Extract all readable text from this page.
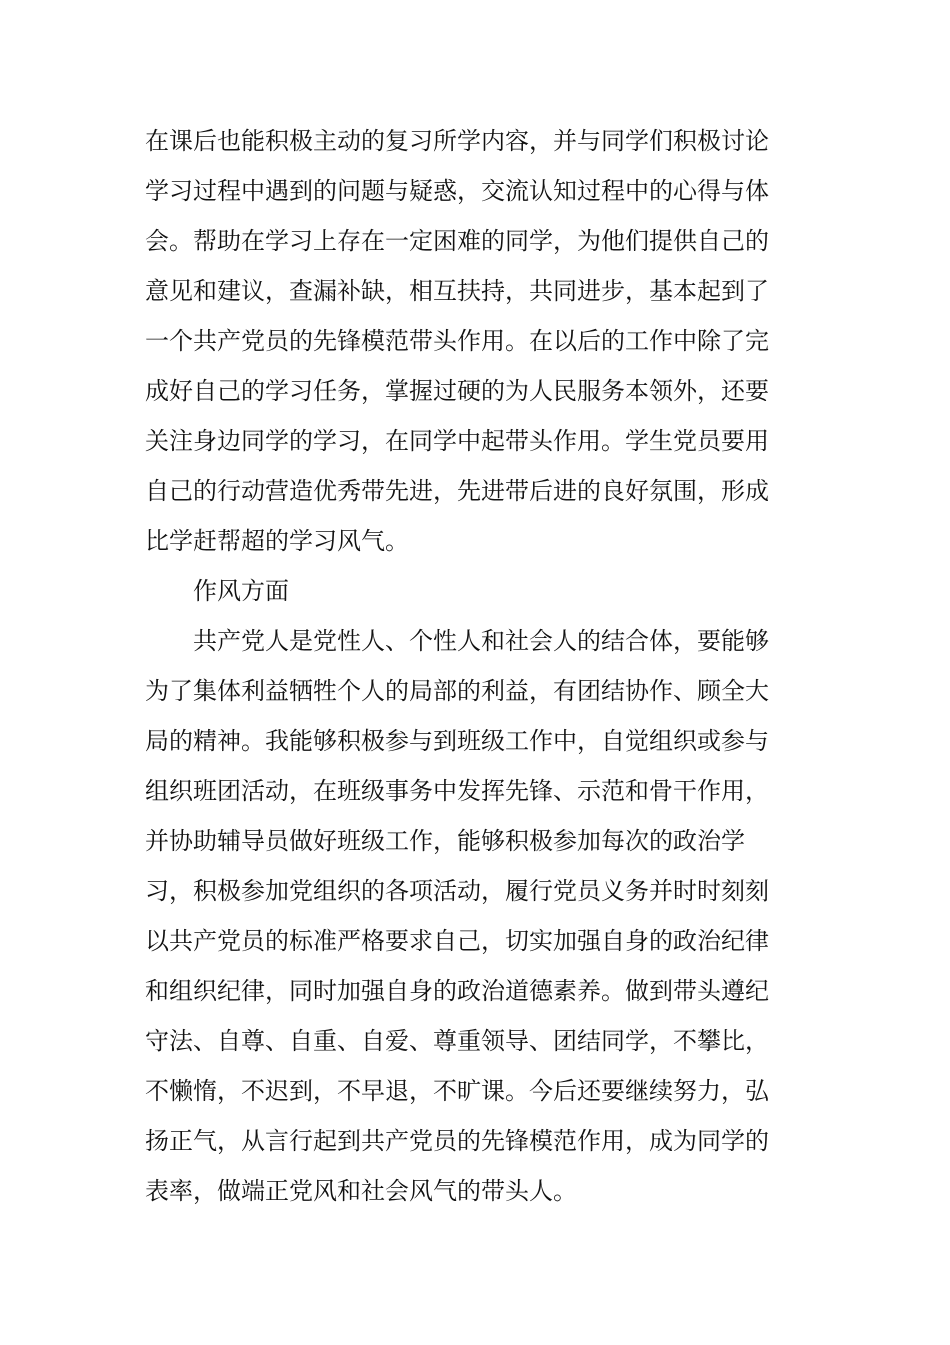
在课后也能积极主动的复习所学内容，并与同学们积极讨论
学习过程中遇到的问题与疑惑，交流认知过程中的心得与体
会。帮助在学习上存在一定困难的同学，为他们提供自己的
意见和建议，查漏补缺，相互扶持，共同进步，基本起到了
一个共产党员的先锋模范带头作用。在以后的工作中除了完
成好自己的学习任务，掌握过硬的为人民服务本领外，还要
关注身边同学的学习，在同学中起带头作用。学生党员要用
自己的行动营造优秀带先进，先进带后进的良好氛围，形成
比学赶帮超的学习风气。
作风方面
共产党人是党性人、个性人和社会人的结合体，要能够
为了集体利益牺牲个人的局部的利益，有团结协作、顾全大
局的精神。我能够积极参与到班级工作中，自觉组织或参与
组织班团活动，在班级事务中发挥先锋、示范和骨干作用，
并协助辅导员做好班级工作，能够积极参加每次的政治学
习，积极参加党组织的各项活动，履行党员义务并时时刻刻
以共产党员的标准严格要求自己，切实加强自身的政治纪律
和组织纪律，同时加强自身的政治道德素养。做到带头遵纪
守法、自尊、自重、自爱、尊重领导、团结同学，不攀比，
不懒惰，不迟到，不早退，不旷课。今后还要继续努力，弘
扬正气，从言行起到共产党员的先锋模范作用，成为同学的
表率，做端正党风和社会风气的带头人。
